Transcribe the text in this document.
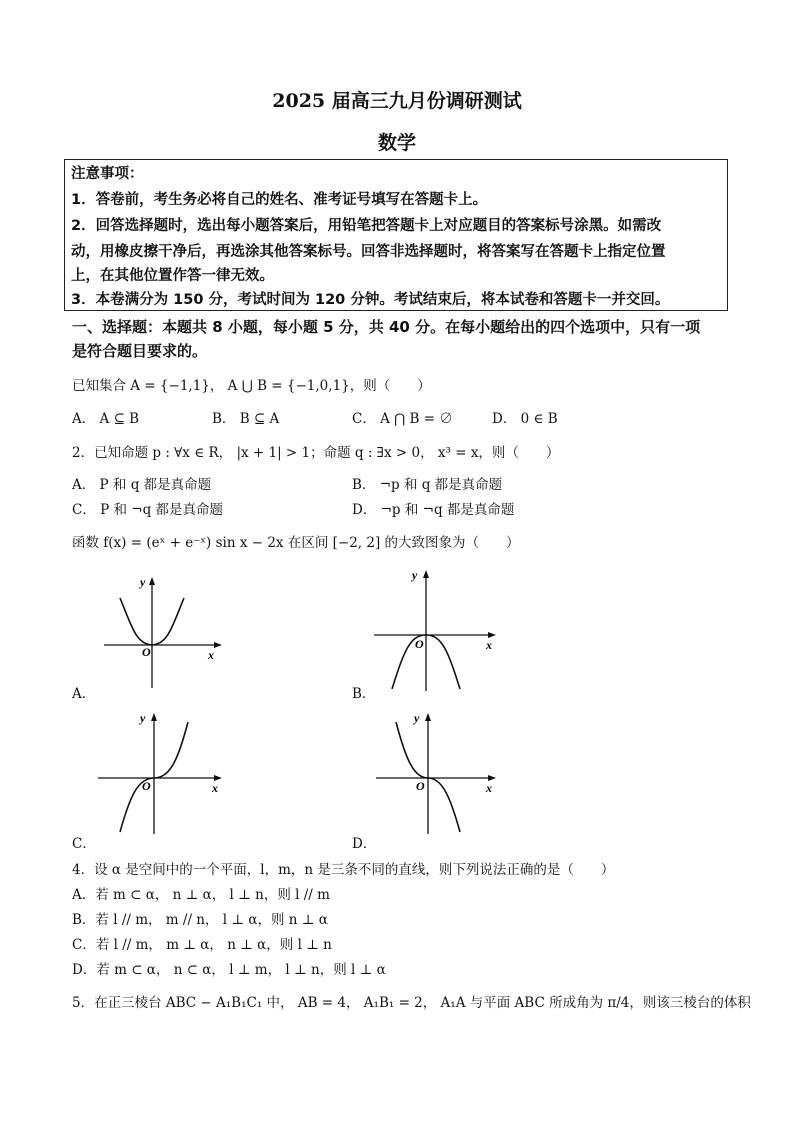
2025 届高三九月份调研测试
数学
注意事项：
1．答卷前，考生务必将自己的姓名、准考证号填写在答题卡上。
2．回答选择题时，选出每小题答案后，用铅笔把答题卡上对应题目的答案标号涂黑。如需改
动，用橡皮擦干净后，再选涂其他答案标号。回答非选择题时，将答案写在答题卡上指定位置
上，在其他位置作答一律无效。
3．本卷满分为 150 分，考试时间为 120 分钟。考试结束后，将本试卷和答题卡一并交回。
一、选择题：本题共 8 小题，每小题 5 分，共 40 分。在每小题给出的四个选项中，只有一项
是符合题目要求的。
已知集合 A = {−1,1}， A ⋃ B = {−1,0,1}，则（　　）
A． A ⊆ B	B． B ⊆ A	C． A ⋂ B = ∅	D． 0 ∈ B
2．已知命题 p : ∀x ∈ R， |x + 1| > 1；命题 q : ∃x > 0， x³ = x，则（　　）
A． P 和 q 都是真命题	B． ¬p 和 q 都是真命题
C． P 和 ¬q 都是真命题	D． ¬p 和 ¬q 都是真命题
函数 f(x) = (eˣ + e⁻ˣ) sin x − 2x 在区间 [−2, 2] 的大致图象为（　　）
x
y
O
A．
x
y
O
B．
x
y
O
C．
x
y
O
D．
4．设 α 是空间中的一个平面，l，m，n 是三条不同的直线，则下列说法正确的是（　　）
A．若 m ⊂ α， n ⊥ α， l ⊥ n，则 l // m
B．若 l // m， m // n， l ⊥ α，则 n ⊥ α
C．若 l // m， m ⊥ α， n ⊥ α，则 l ⊥ n
D．若 m ⊂ α， n ⊂ α， l ⊥ m， l ⊥ n，则 l ⊥ α
5．在正三棱台 ABC − A₁B₁C₁ 中， AB = 4， A₁B₁ = 2， A₁A 与平面 ABC 所成角为 π/4，则该三棱台的体积
